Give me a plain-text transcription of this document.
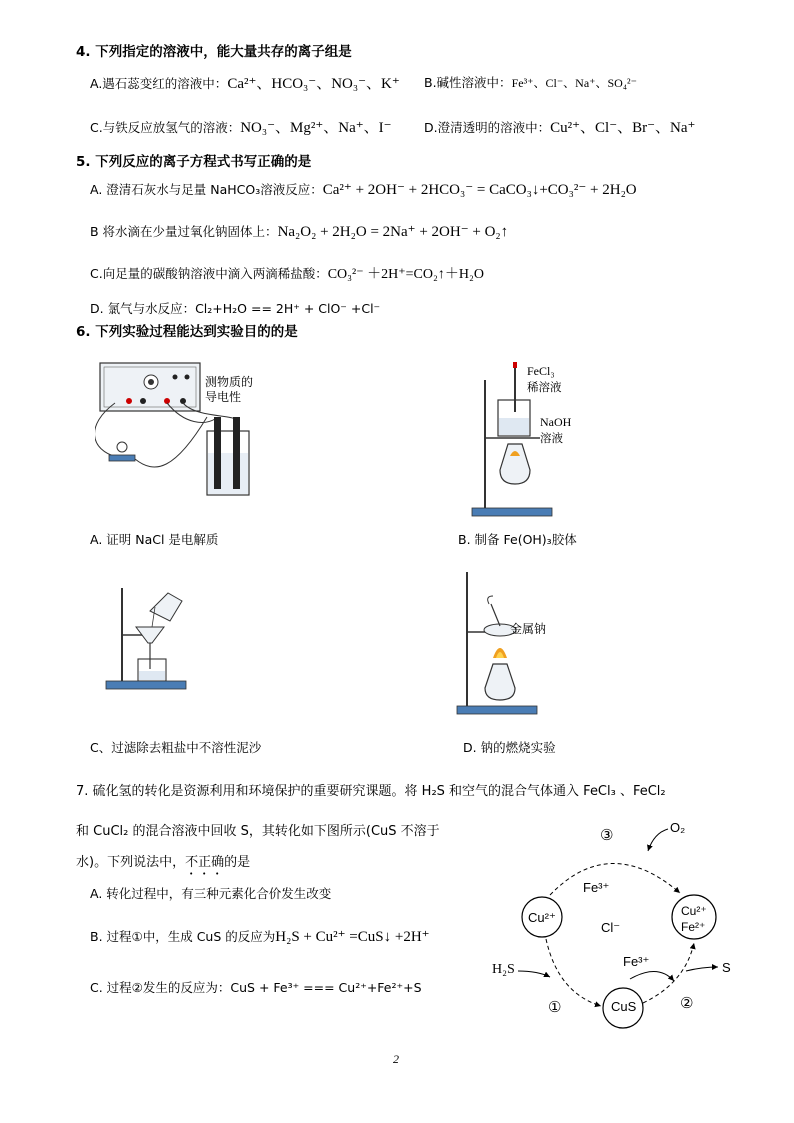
4. 下列指定的溶液中，能大量共存的离子组是
A.遇石蕊变红的溶液中：Ca²⁺、HCO₃⁻、NO₃⁻、K⁺ B.碱性溶液中：Fe³⁺、Cl⁻、Na⁺、SO₄²⁻
C.与铁反应放氢气的溶液：NO₃⁻、Mg²⁺、Na⁺、I⁻	D.澄清透明的溶液中：Cu²⁺、Cl⁻、Br⁻、Na⁺
5. 下列反应的离子方程式书写正确的是
A. 澄清石灰水与足量 NaHCO₃溶液反应：Ca²⁺ + 2OH⁻ + 2HCO₃⁻ = CaCO₃↓+CO₃²⁻ + 2H₂O
B 将水滴在少量过氧化钠固体上：Na₂O₂ + 2H₂O = 2Na⁺ + 2OH⁻ + O₂↑
C.向足量的碳酸钠溶液中滴入两滴稀盐酸：CO₃²⁻ ＋2H⁺=CO₂↑＋H₂O
D. 氯气与水反应：Cl₂+H₂O == 2H⁺ + ClO⁻ +Cl⁻
6. 下列实验过程能达到实验目的的是
测物质的
导电性
FeCl₃
稀溶液
NaOH
溶液
A. 证明 NaCl 是电解质	B. 制备 Fe(OH)₃胶体
金属钠
C、过滤除去粗盐中不溶性泥沙	D. 钠的燃烧实验
7. 硫化氢的转化是资源利用和环境保护的重要研究课题。将 H₂S 和空气的混合气体通入 FeCl₃ 、FeCl₂
和 CuCl₂ 的混合溶液中回收 S，其转化如下图所示(CuS 不溶于
水)。下列说法中，不正确的是
A. 转化过程中，有三种元素化合价发生改变
B. 过程①中，生成 CuS 的反应为H₂S + Cu²⁺ =CuS↓ +2H⁺
C. 过程②发生的反应为：CuS + Fe³⁺ === Cu²⁺+Fe²⁺+S
③	O₂
Fe³⁺
Cu²⁺
Cl⁻
Cu²⁺
Fe²⁺
H₂S
Fe³⁺	S
①	CuS	②
2
